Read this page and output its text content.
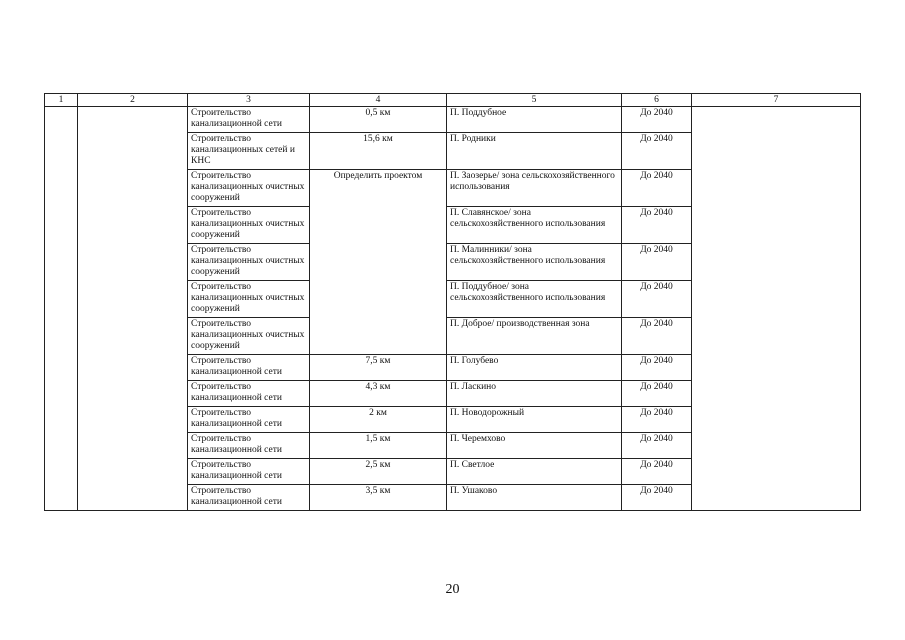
1	2	3	4	5	6	7
		Строительство канализационной сети	0,5 км	П. Поддубное	До 2040	
		Строительство канализационных сетей и КНС	15,6 км	П. Родники	До 2040	
		Строительство канализационных очистных сооружений	Определить проектом	П. Заозерье/ зона сельскохозяйственного использования	До 2040	
		Строительство канализационных очистных сооружений		П. Славянское/ зона сельскохозяйственного использования	До 2040	
		Строительство канализационных очистных сооружений		П. Малинники/ зона сельскохозяйственного использования	До 2040	
		Строительство канализационных очистных сооружений		П. Поддубное/ зона сельскохозяйственного использования	До 2040	
		Строительство канализационных очистных сооружений		П. Доброе/ производственная зона	До 2040	
		Строительство канализационной сети	7,5 км	П. Голубево	До 2040	
		Строительство канализационной сети	4,3 км	П. Ласкино	До 2040	
		Строительство канализационной сети	2 км	П. Новодорожный	До 2040	
		Строительство канализационной сети	1,5 км	П. Черемхово	До 2040	
		Строительство канализационной сети	2,5 км	П. Светлое	До 2040	
		Строительство канализационной сети	3,5 км	П. Ушаково	До 2040	
20
